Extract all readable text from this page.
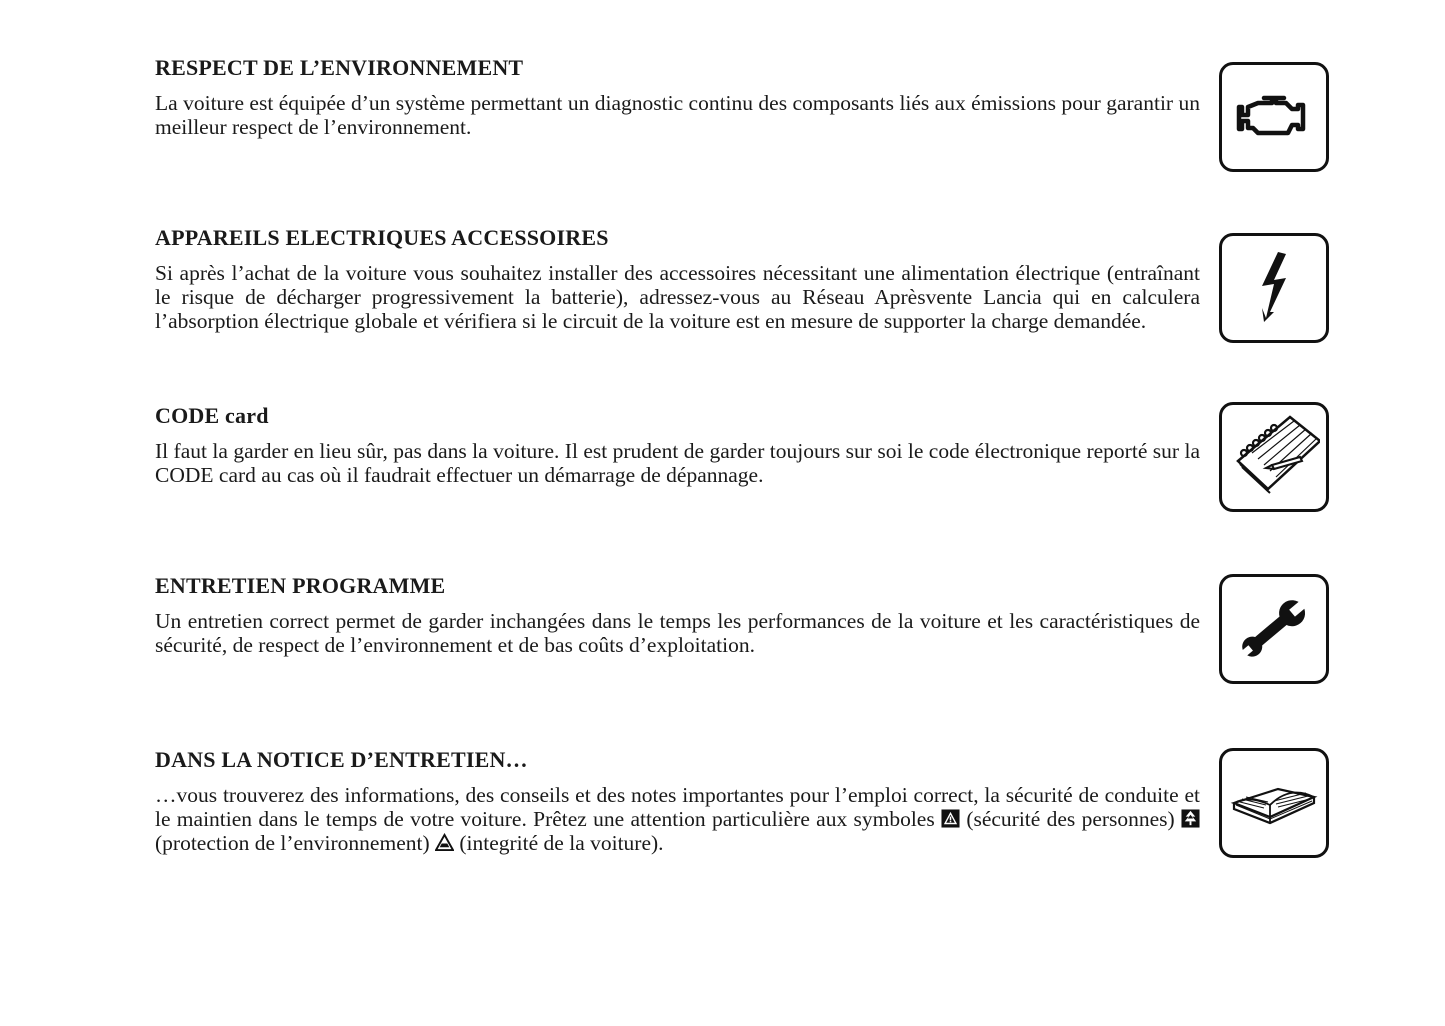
RESPECT DE L’ENVIRONNEMENT

La voiture est équipée d’un système permettant un diagnostic continu des composants liés aux émissions pour garantir un meilleur respect de l’environnement.

APPAREILS ELECTRIQUES ACCESSOIRES

Si après l’achat de la voiture vous souhaitez installer des accessoires nécessitant une alimentation électrique (entraînant le risque de décharger progressivement la batterie), adressez-vous au Réseau Aprèsvente Lancia qui en calculera l’absorption électrique globale et vérifiera si le circuit de la voiture est en mesure de supporter la charge demandée.

CODE card

Il faut la garder en lieu sûr, pas dans la voiture. Il est prudent de garder toujours sur soi le code électronique reporté sur la CODE card au cas où il faudrait effectuer un démarrage de dépannage.

ENTRETIEN PROGRAMME

Un entretien correct permet de garder inchangées dans le temps les performances de la voiture et les caractéristiques de sécurité, de respect de l’environnement et de bas coûts d’exploitation.

DANS LA NOTICE D’ENTRETIEN…

…vous trouverez des informations, des conseils et des notes importantes pour l’emploi correct, la sécurité de conduite et le maintien dans le temps de votre voiture. Prêtez une attention particulière aux symboles (sécurité des personnes)  (protection de l’environnement) (integrité de la voiture).
